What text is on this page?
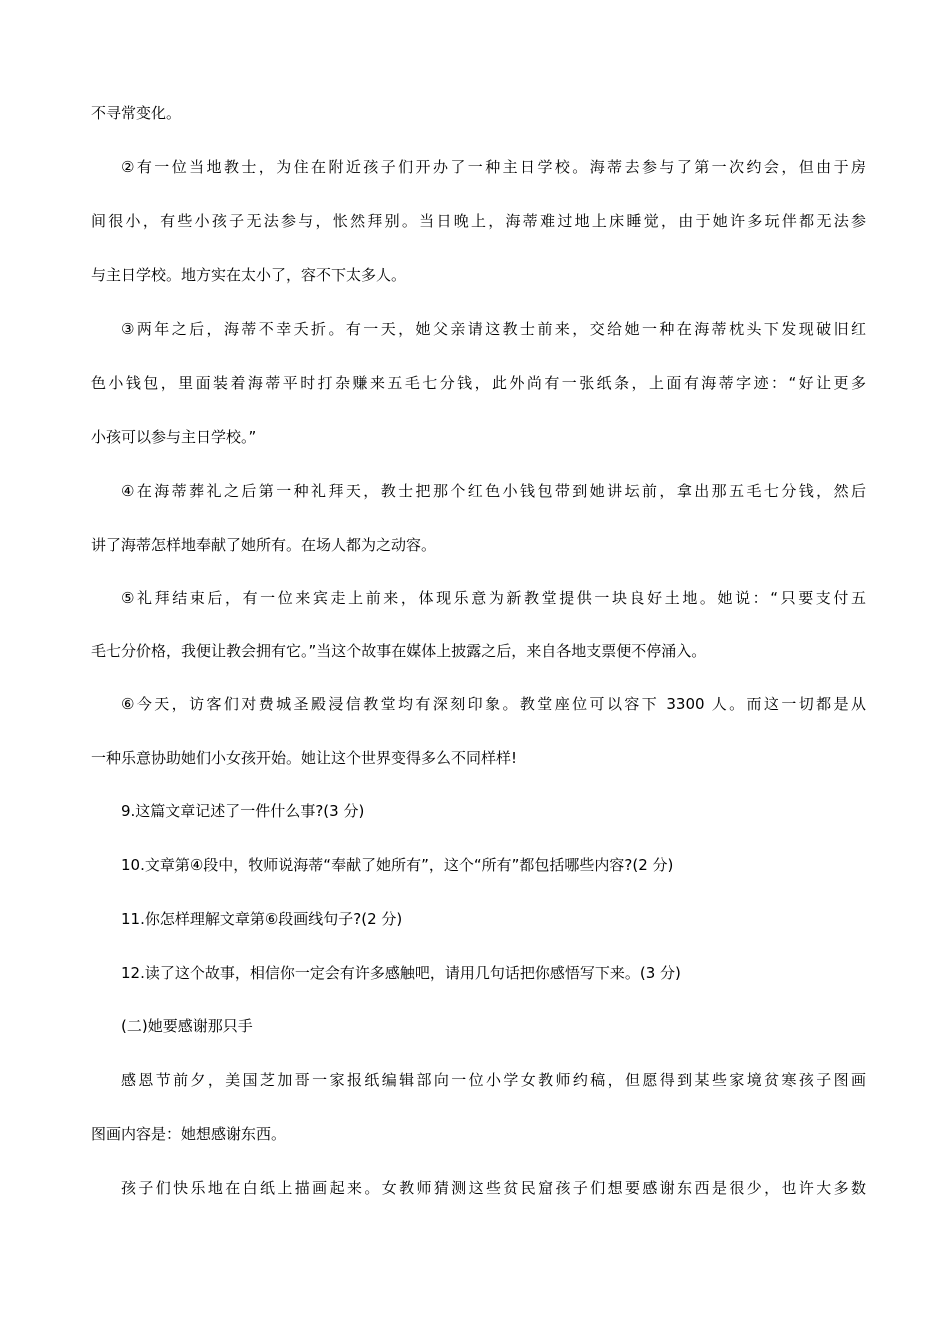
不寻常变化。
②有一位当地教士，为住在附近孩子们开办了一种主日学校。海蒂去参与了第一次约会，但由于房
间很小，有些小孩子无法参与，怅然拜别。当日晚上，海蒂难过地上床睡觉，由于她许多玩伴都无法参
与主日学校。地方实在太小了，容不下太多人。
③两年之后，海蒂不幸夭折。有一天，她父亲请这教士前来，交给她一种在海蒂枕头下发现破旧红
色小钱包，里面装着海蒂平时打杂赚来五毛七分钱，此外尚有一张纸条，上面有海蒂字迹：“好让更多
小孩可以参与主日学校。”
④在海蒂葬礼之后第一种礼拜天，教士把那个红色小钱包带到她讲坛前，拿出那五毛七分钱，然后
讲了海蒂怎样地奉献了她所有。在场人都为之动容。
⑤礼拜结束后，有一位来宾走上前来，体现乐意为新教堂提供一块良好土地。她说：“只要支付五
毛七分价格，我便让教会拥有它。”当这个故事在媒体上披露之后，来自各地支票便不停涌入。
⑥今天，访客们对费城圣殿浸信教堂均有深刻印象。教堂座位可以容下 3300 人。而这一切都是从
一种乐意协助她们小女孩开始。她让这个世界变得多么不同样样!
9.这篇文章记述了一件什么事?(3 分)
10.文章第④段中，牧师说海蒂“奉献了她所有”，这个“所有”都包括哪些内容?(2 分)
11.你怎样理解文章第⑥段画线句子?(2 分)
12.读了这个故事，相信你一定会有许多感触吧，请用几句话把你感悟写下来。(3 分)
(二)她要感谢那只手
感恩节前夕，美国芝加哥一家报纸编辑部向一位小学女教师约稿，但愿得到某些家境贫寒孩子图画
图画内容是：她想感谢东西。
孩子们快乐地在白纸上描画起来。女教师猜测这些贫民窟孩子们想要感谢东西是很少，也许大多数
